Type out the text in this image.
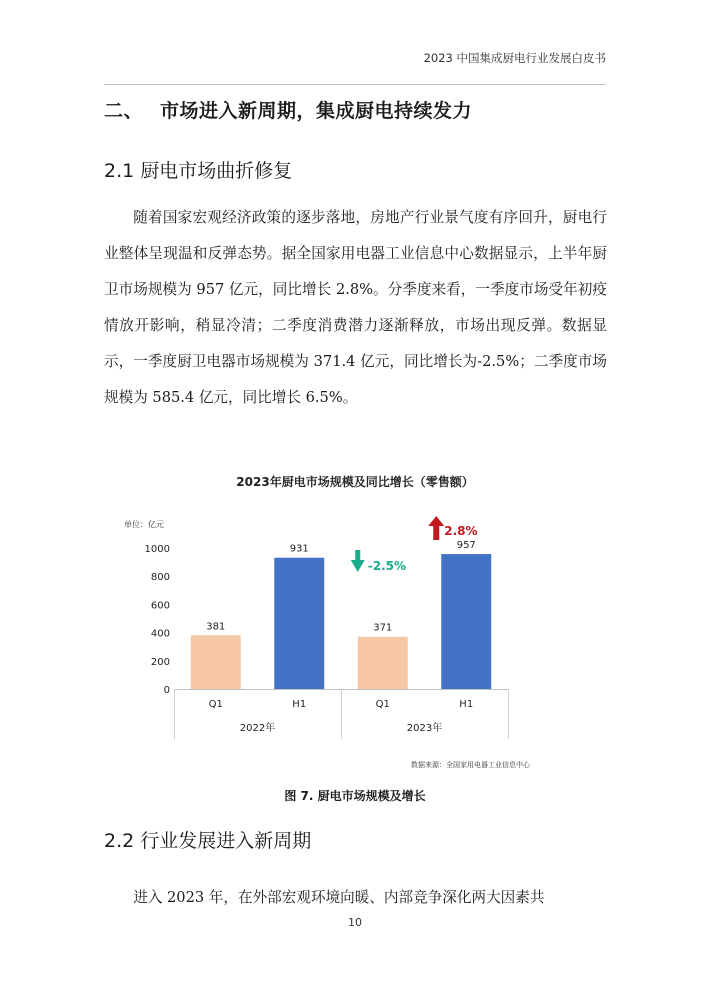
2023 中国集成厨电行业发展白皮书
二、 市场进入新周期，集成厨电持续发力
2.1 厨电市场曲折修复

随着国家宏观经济政策的逐步落地，房地产行业景气度有序回升，厨电行业整体呈现温和反弹态势。据全国家用电器工业信息中心数据显示，上半年厨卫市场规模为 957 亿元，同比增长 2.8%。分季度来看，一季度市场受年初疫情放开影响，稍显冷清；二季度消费潜力逐渐释放，市场出现反弹。数据显示，一季度厨卫电器市场规模为 371.4 亿元，同比增长为-2.5%；二季度市场规模为 585.4 亿元，同比增长 6.5%。

2023年厨电市场规模及同比增长（零售额）
单位：亿元
0
200
400
600
800
1000
381
931
371
957
Q1	H1
2022年
Q1	H1
2023年
-2.5%
2.8%
数据来源：全国家用电器工业信息中心
图 7. 厨电市场规模及增长
2.2 行业发展进入新周期

进入 2023 年，在外部宏观环境向暖、内部竞争深化两大因素共

10
